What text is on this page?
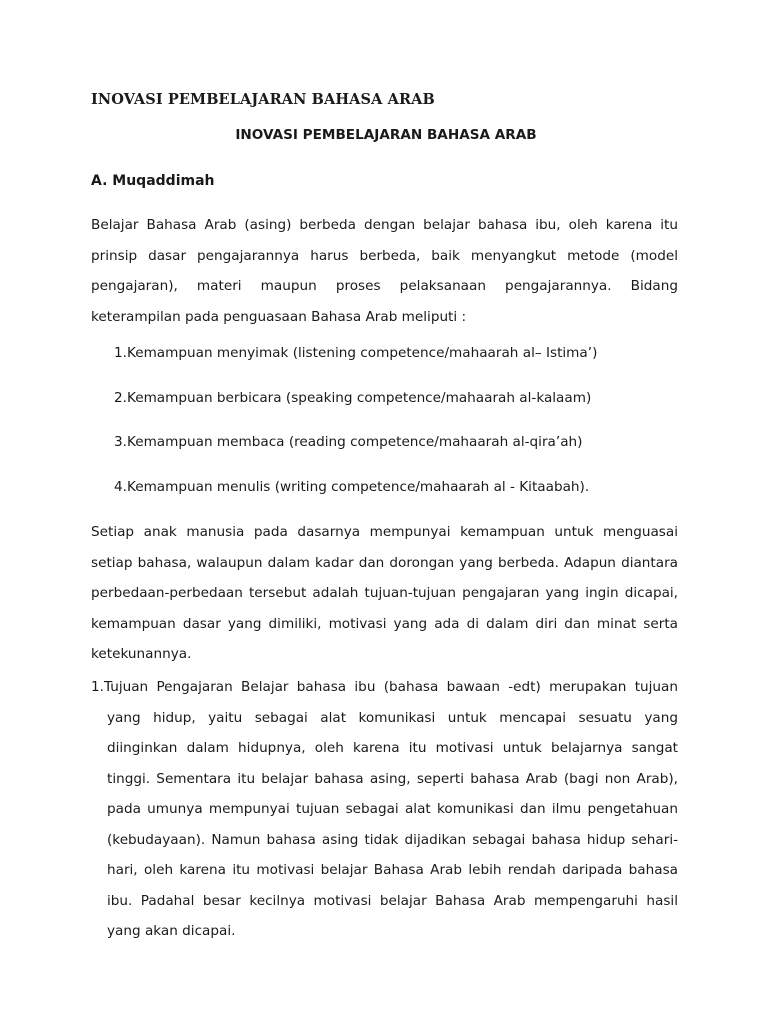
INOVASI PEMBELAJARAN BAHASA ARAB
INOVASI PEMBELAJARAN BAHASA ARAB
A. Muqaddimah

Belajar Bahasa Arab (asing) berbeda dengan belajar bahasa ibu, oleh karena itu prinsip dasar pengajarannya harus berbeda, baik menyangkut metode (model pengajaran), materi maupun proses pelaksanaan pengajarannya. Bidang keterampilan pada penguasaan Bahasa Arab meliputi :

1.Kemampuan menyimak (listening competence/mahaarah al– Istima’)
2.Kemampuan berbicara (speaking competence/mahaarah al-kalaam)
3.Kemampuan membaca (reading competence/mahaarah al-qira’ah)
4.Kemampuan menulis (writing competence/mahaarah al - Kitaabah).

Setiap anak manusia pada dasarnya mempunyai kemampuan untuk menguasai setiap bahasa, walaupun dalam kadar dan dorongan yang berbeda. Adapun diantara perbedaan-perbedaan tersebut adalah tujuan-tujuan pengajaran yang ingin dicapai, kemampuan dasar yang dimiliki, motivasi yang ada di dalam diri dan minat serta ketekunannya.

1.Tujuan Pengajaran Belajar bahasa ibu (bahasa bawaan -edt) merupakan tujuan yang hidup, yaitu sebagai alat komunikasi untuk mencapai sesuatu yang diinginkan dalam hidupnya, oleh karena itu motivasi untuk belajarnya sangat tinggi. Sementara itu belajar bahasa asing, seperti bahasa Arab (bagi non Arab), pada umunya mempunyai tujuan sebagai alat komunikasi dan ilmu pengetahuan (kebudayaan). Namun bahasa asing tidak dijadikan sebagai bahasa hidup sehari-hari, oleh karena itu motivasi belajar Bahasa Arab lebih rendah daripada bahasa ibu. Padahal besar kecilnya motivasi belajar Bahasa Arab mempengaruhi hasil yang akan dicapai.
